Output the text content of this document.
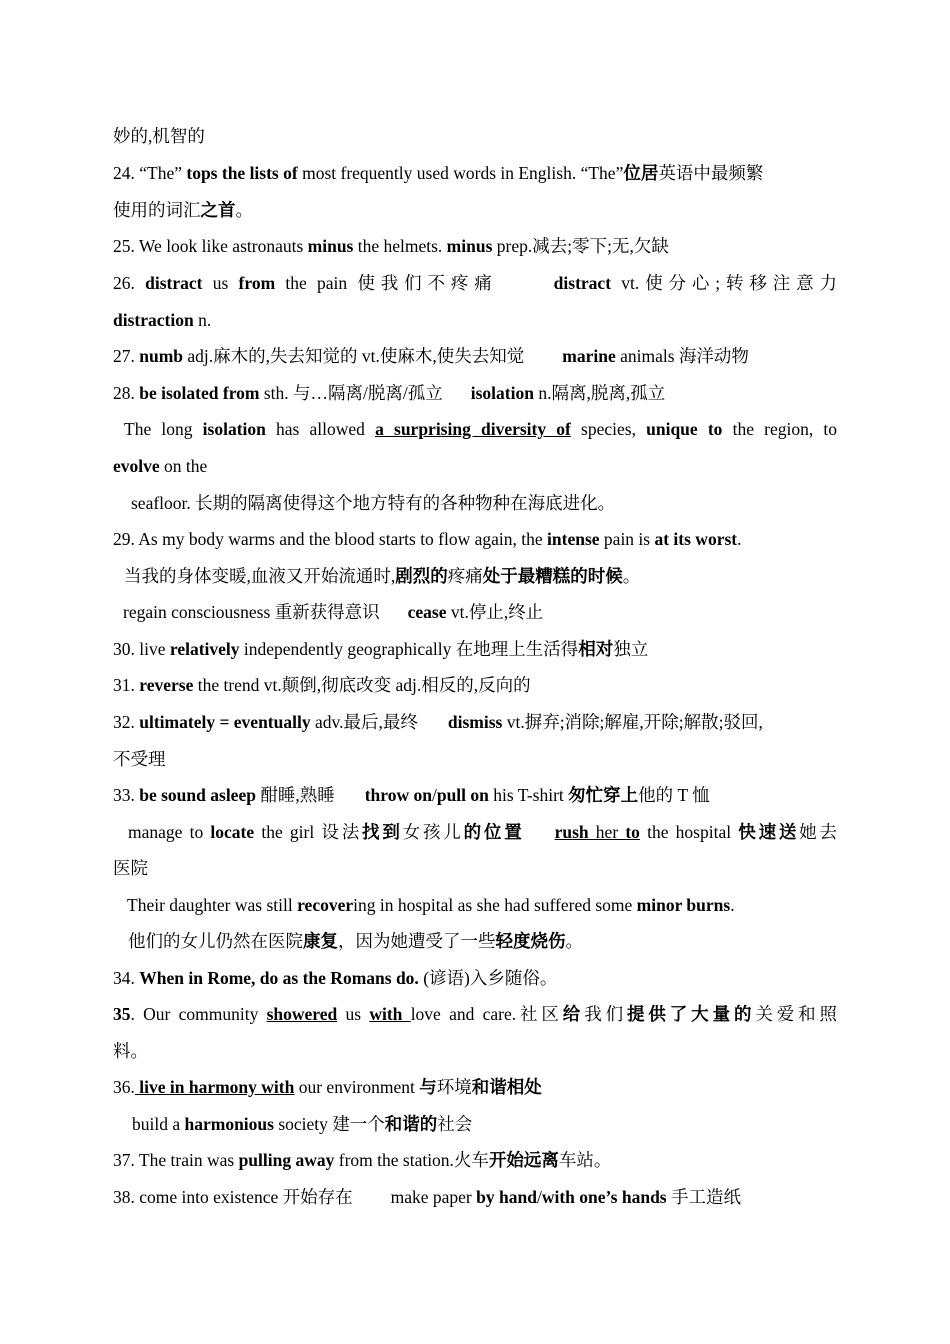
妙的,机智的
24. “The” tops the lists of most frequently used words in English. “The”位居英语中最频繁
使用的词汇之首。
25. We look like astronauts minus the helmets. minus prep.减去;零下;无,欠缺
26. distract us from the pain 使我们不疼痛	distract vt.使分心;转移注意力
distraction n.
27. numb adj.麻木的,失去知觉的 vt.使麻木,使失去知觉 marine animals 海洋动物
28. be isolated from sth. 与…隔离/脱离/孤立 isolation n.隔离,脱离,孤立
The long isolation has allowed a surprising diversity of species, unique to the region, to
evolve on the
seafloor. 长期的隔离使得这个地方特有的各种物种在海底进化。
29. As my body warms and the blood starts to flow again, the intense pain is at its worst.
当我的身体变暖,血液又开始流通时,剧烈的疼痛处于最糟糕的时候。
regain consciousness 重新获得意识 cease vt.停止,终止
30. live relatively independently geographically 在地理上生活得相对独立
31. reverse the trend vt.颠倒,彻底改变 adj.相反的,反向的
32. ultimately = eventually adv.最后,最终 dismiss vt.摒弃;消除;解雇,开除;解散;驳回,
不受理
33. be sound asleep 酣睡,熟睡 throw on/pull on his T-shirt 匆忙穿上他的 T 恤
manage to locate the girl 设法找到女孩儿的位置 rush her to the hospital 快速送她去
医院
Their daughter was still recovering in hospital as she had suffered some minor burns.
他们的女儿仍然在医院康复，因为她遭受了一些轻度烧伤。
34. When in Rome, do as the Romans do. (谚语)入乡随俗。
35. Our community showered us with love and care.社区给我们提供了大量的关爱和照
料。
36. live in harmony with our environment 与环境和谐相处
build a harmonious society 建一个和谐的社会
37. The train was pulling away from the station.火车开始远离车站。
38. come into existence 开始存在 make paper by hand/with one’s hands 手工造纸
